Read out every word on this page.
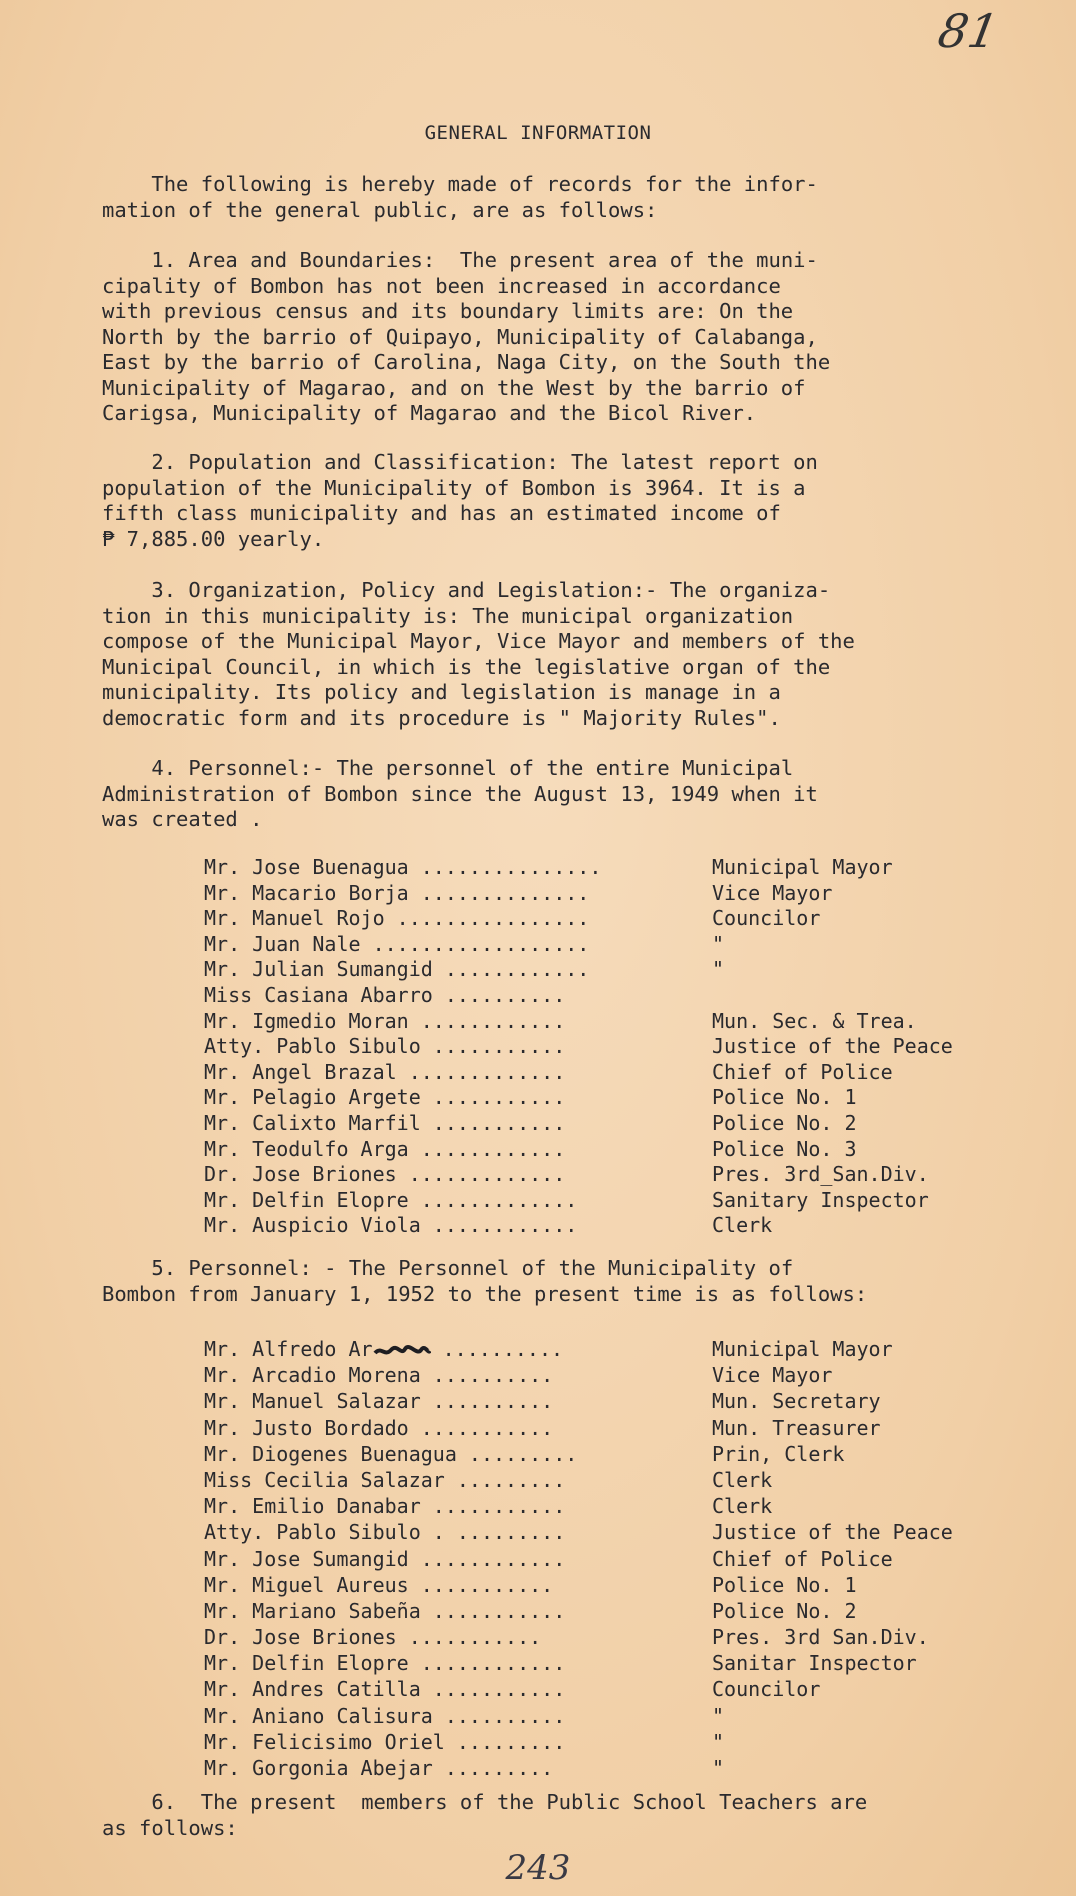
81
GENERAL INFORMATION
The following is hereby made of records for the infor-
mation of the general public, are as follows:
1. Area and Boundaries:  The present area of the muni-
cipality of Bombon has not been increased in accordance
with previous census and its boundary limits are: On the
North by the barrio of Quipayo, Municipality of Calabanga,
East by the barrio of Carolina, Naga City, on the South the
Municipality of Magarao, and on the West by the barrio of
Carigsa, Municipality of Magarao and the Bicol River.
2. Population and Classification: The latest report on
population of the Municipality of Bombon is 3964. It is a
fifth class municipality and has an estimated income of
₱ 7,885.00 yearly.
3. Organization, Policy and Legislation:- The organiza-
tion in this municipality is: The municipal organization
compose of the Municipal Mayor, Vice Mayor and members of the
Municipal Council, in which is the legislative organ of the
municipality. Its policy and legislation is manage in a
democratic form and its procedure is " Majority Rules".
4. Personnel:- The personnel of the entire Municipal
Administration of Bombon since the August 13, 1949 when it
was created .
Mr. Jose Buenagua ...............	Municipal Mayor
Mr. Macario Borja ..............	Vice Mayor
Mr. Manuel Rojo ................	Councilor
Mr. Juan Nale ..................	"
Mr. Julian Sumangid ............	"
Miss Casiana Abarro ..........
Mr. Igmedio Moran ............	Mun. Sec. & Trea.
Atty. Pablo Sibulo ...........	Justice of the Peace
Mr. Angel Brazal .............	Chief of Police
Mr. Pelagio Argete ...........	Police No. 1
Mr. Calixto Marfil ...........	Police No. 2
Mr. Teodulfo Arga ............	Police No. 3
Dr. Jose Briones .............	Pres. 3rd_San.Div.
Mr. Delfin Elopre .............	Sanitary Inspector
Mr. Auspicio Viola ............	Clerk
5. Personnel: - The Personnel of the Municipality of
Bombon from January 1, 1952 to the present time is as follows:
Mr. Alfredo Ar	..........	Municipal Mayor
Mr. Arcadio Morena ..........	Vice Mayor
Mr. Manuel Salazar ..........	Mun. Secretary
Mr. Justo Bordado ...........	Mun. Treasurer
Mr. Diogenes Buenagua .........	Prin, Clerk
Miss Cecilia Salazar .........	Clerk
Mr. Emilio Danabar ...........	Clerk
Atty. Pablo Sibulo . .........	Justice of the Peace
Mr. Jose Sumangid ............	Chief of Police
Mr. Miguel Aureus ...........	Police No. 1
Mr. Mariano Sabeña ...........	Police No. 2
Dr. Jose Briones ...........	Pres. 3rd San.Div.
Mr. Delfin Elopre ............	Sanitar Inspector
Mr. Andres Catilla ...........	Councilor
Mr. Aniano Calisura ..........	"
Mr. Felicisimo Oriel .........	"
Mr. Gorgonia Abejar .........	"
6.  The present  members of the Public School Teachers are
as follows:
243
